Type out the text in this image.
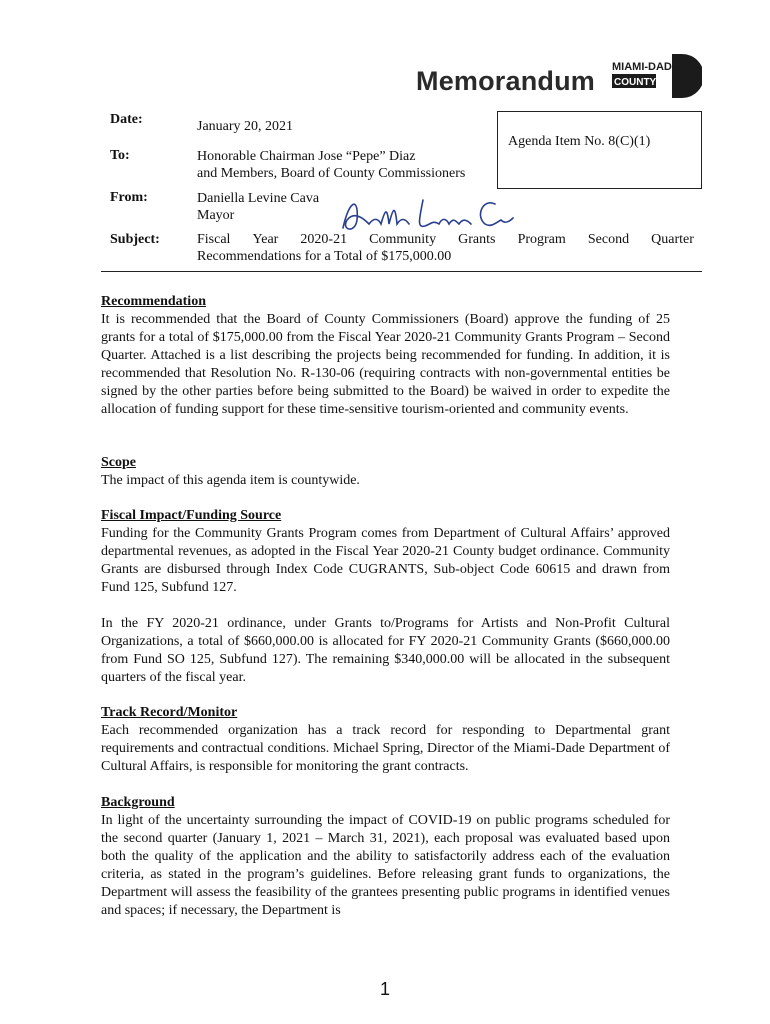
Memorandum MIAMI-DADE
COUNTY
Date:	January 20, 2021
Agenda Item No. 8(C)(1)
To:	Honorable Chairman Jose “Pepe” Diaz
and Members, Board of County Commissioners
From:	Daniella Levine Cava
Mayor
Subject:	Fiscal Year 2020-21 Community Grants Program Second Quarter
Recommendations for a Total of $175,000.00
Recommendation

It is recommended that the Board of County Commissioners (Board) approve the funding of 25 grants for a total of $175,000.00 from the Fiscal Year 2020-21 Community Grants Program – Second Quarter. Attached is a list describing the projects being recommended for funding. In addition, it is recommended that Resolution No. R-130-06 (requiring contracts with non-governmental entities be signed by the other parties before being submitted to the Board) be waived in order to expedite the allocation of funding support for these time-sensitive tourism-oriented and community events.

Scope

The impact of this agenda item is countywide.

Fiscal Impact/Funding Source

Funding for the Community Grants Program comes from Department of Cultural Affairs’ approved departmental revenues, as adopted in the Fiscal Year 2020-21 County budget ordinance. Community Grants are disbursed through Index Code CUGRANTS, Sub-object Code 60615 and drawn from Fund 125, Subfund 127.

In the FY 2020-21 ordinance, under Grants to/Programs for Artists and Non-Profit Cultural Organizations, a total of $660,000.00 is allocated for FY 2020-21 Community Grants ($660,000.00 from Fund SO 125, Subfund 127). The remaining $340,000.00 will be allocated in the subsequent quarters of the fiscal year.

Track Record/Monitor

Each recommended organization has a track record for responding to Departmental grant requirements and contractual conditions. Michael Spring, Director of the Miami-Dade Department of Cultural Affairs, is responsible for monitoring the grant contracts.

Background

In light of the uncertainty surrounding the impact of COVID-19 on public programs scheduled for the second quarter (January 1, 2021 – March 31, 2021), each proposal was evaluated based upon both the quality of the application and the ability to satisfactorily address each of the evaluation criteria, as stated in the program’s guidelines. Before releasing grant funds to organizations, the Department will assess the feasibility of the grantees presenting public programs in identified venues and spaces; if necessary, the Department is

1
